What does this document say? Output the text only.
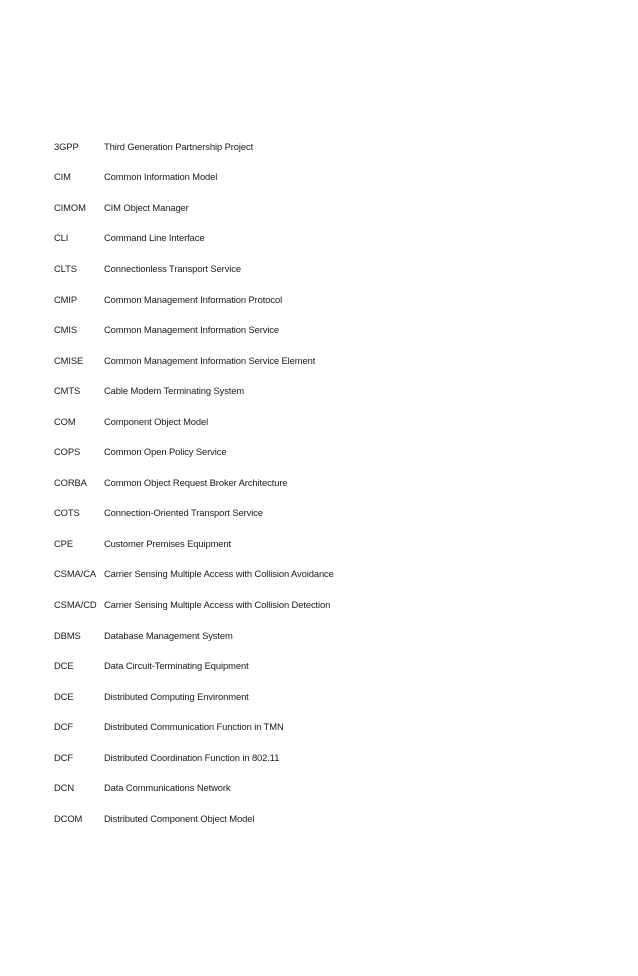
3GPP	Third Generation Partnership Project
CIM	Common Information Model
CIMOM	CIM Object Manager
CLI	Command Line Interface
CLTS	Connectionless Transport Service
CMIP	Common Management Information Protocol
CMIS	Common Management Information Service
CMISE	Common Management Information Service Element
CMTS	Cable Modem Terminating System
COM	Component Object Model
COPS	Common Open Policy Service
CORBA	Common Object Request Broker Architecture
COTS	Connection-Oriented Transport Service
CPE	Customer Premises Equipment
CSMA/CA Carrier Sensing Multiple Access with Collision Avoidance
CSMA/CD Carrier Sensing Multiple Access with Collision Detection
DBMS	Database Management System
DCE	Data Circuit-Terminating Equipment
DCE	Distributed Computing Environment
DCF	Distributed Communication Function in TMN
DCF	Distributed Coordination Function in 802.11
DCN	Data Communications Network
DCOM	Distributed Component Object Model
